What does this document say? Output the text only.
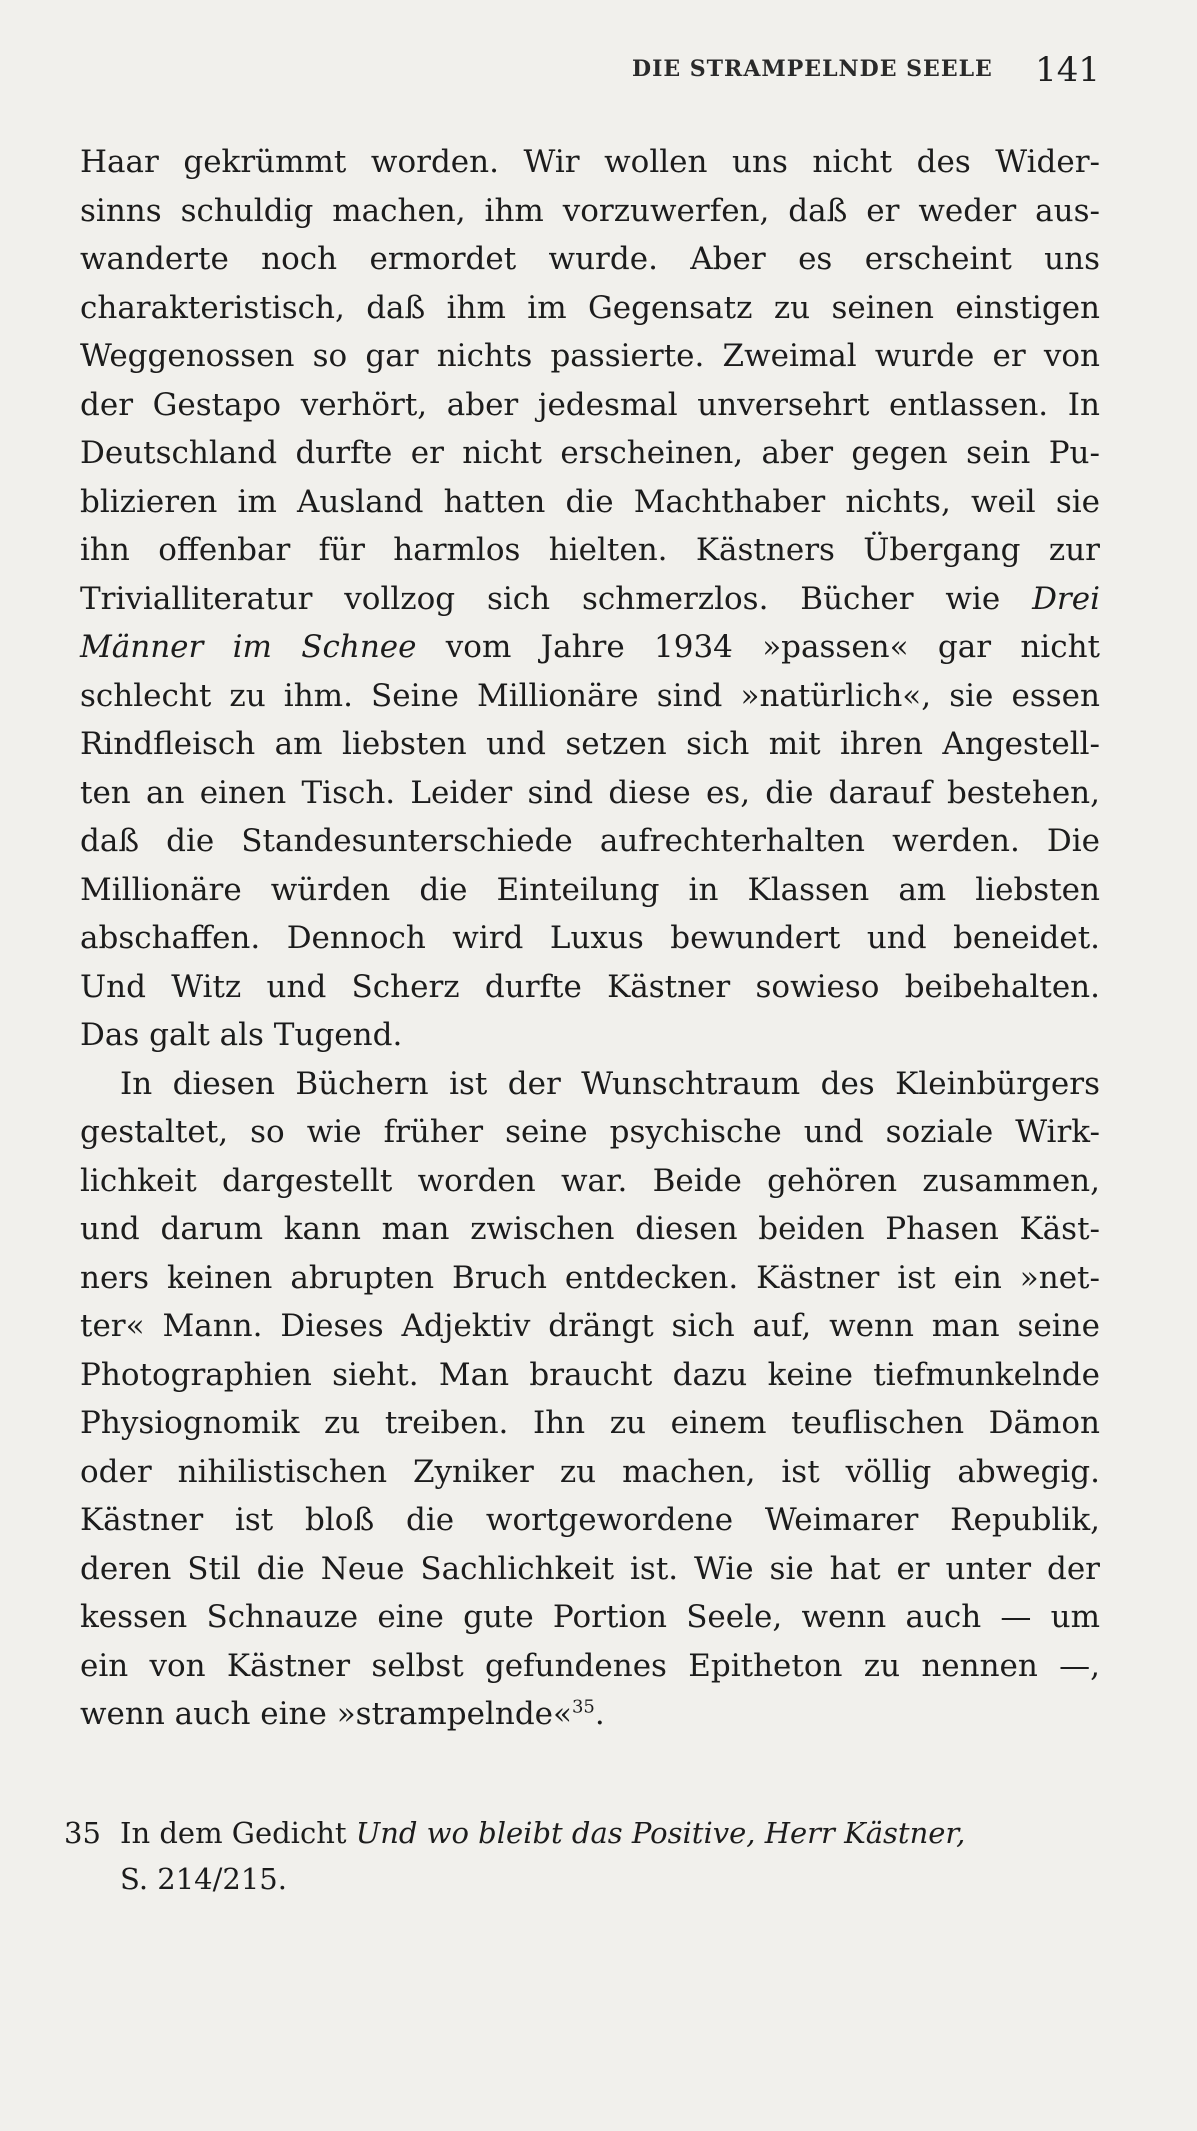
DIE STRAMPELNDE SEELE 141
Haar gekrümmt worden. Wir wollen uns nicht des Wider-
sinns schuldig machen, ihm vorzuwerfen, daß er weder aus-
wanderte noch ermordet wurde. Aber es erscheint uns
charakteristisch, daß ihm im Gegensatz zu seinen einstigen
Weggenossen so gar nichts passierte. Zweimal wurde er von
der Gestapo verhört, aber jedesmal unversehrt entlassen. In
Deutschland durfte er nicht erscheinen, aber gegen sein Pu-
blizieren im Ausland hatten die Machthaber nichts, weil sie
ihn offenbar für harmlos hielten. Kästners Übergang zur
Trivialliteratur vollzog sich schmerzlos. Bücher wie Drei
Männer im Schnee vom Jahre 1934 »passen« gar nicht
schlecht zu ihm. Seine Millionäre sind »natürlich«, sie essen
Rindfleisch am liebsten und setzen sich mit ihren Angestell-
ten an einen Tisch. Leider sind diese es, die darauf bestehen,
daß die Standesunterschiede aufrechterhalten werden. Die
Millionäre würden die Einteilung in Klassen am liebsten
abschaffen. Dennoch wird Luxus bewundert und beneidet.
Und Witz und Scherz durfte Kästner sowieso beibehalten.
Das galt als Tugend.
In diesen Büchern ist der Wunschtraum des Kleinbürgers
gestaltet, so wie früher seine psychische und soziale Wirk-
lichkeit dargestellt worden war. Beide gehören zusammen,
und darum kann man zwischen diesen beiden Phasen Käst-
ners keinen abrupten Bruch entdecken. Kästner ist ein »net-
ter« Mann. Dieses Adjektiv drängt sich auf, wenn man seine
Photographien sieht. Man braucht dazu keine tiefmunkelnde
Physiognomik zu treiben. Ihn zu einem teuflischen Dämon
oder nihilistischen Zyniker zu machen, ist völlig abwegig.
Kästner ist bloß die wortgewordene Weimarer Republik,
deren Stil die Neue Sachlichkeit ist. Wie sie hat er unter der
kessen Schnauze eine gute Portion Seele, wenn auch — um
ein von Kästner selbst gefundenes Epitheton zu nennen —,
wenn auch eine »strampelnde«$^{35}$.
35 In dem Gedicht Und wo bleibt das Positive, Herr Kästner,
S. 214/215.
